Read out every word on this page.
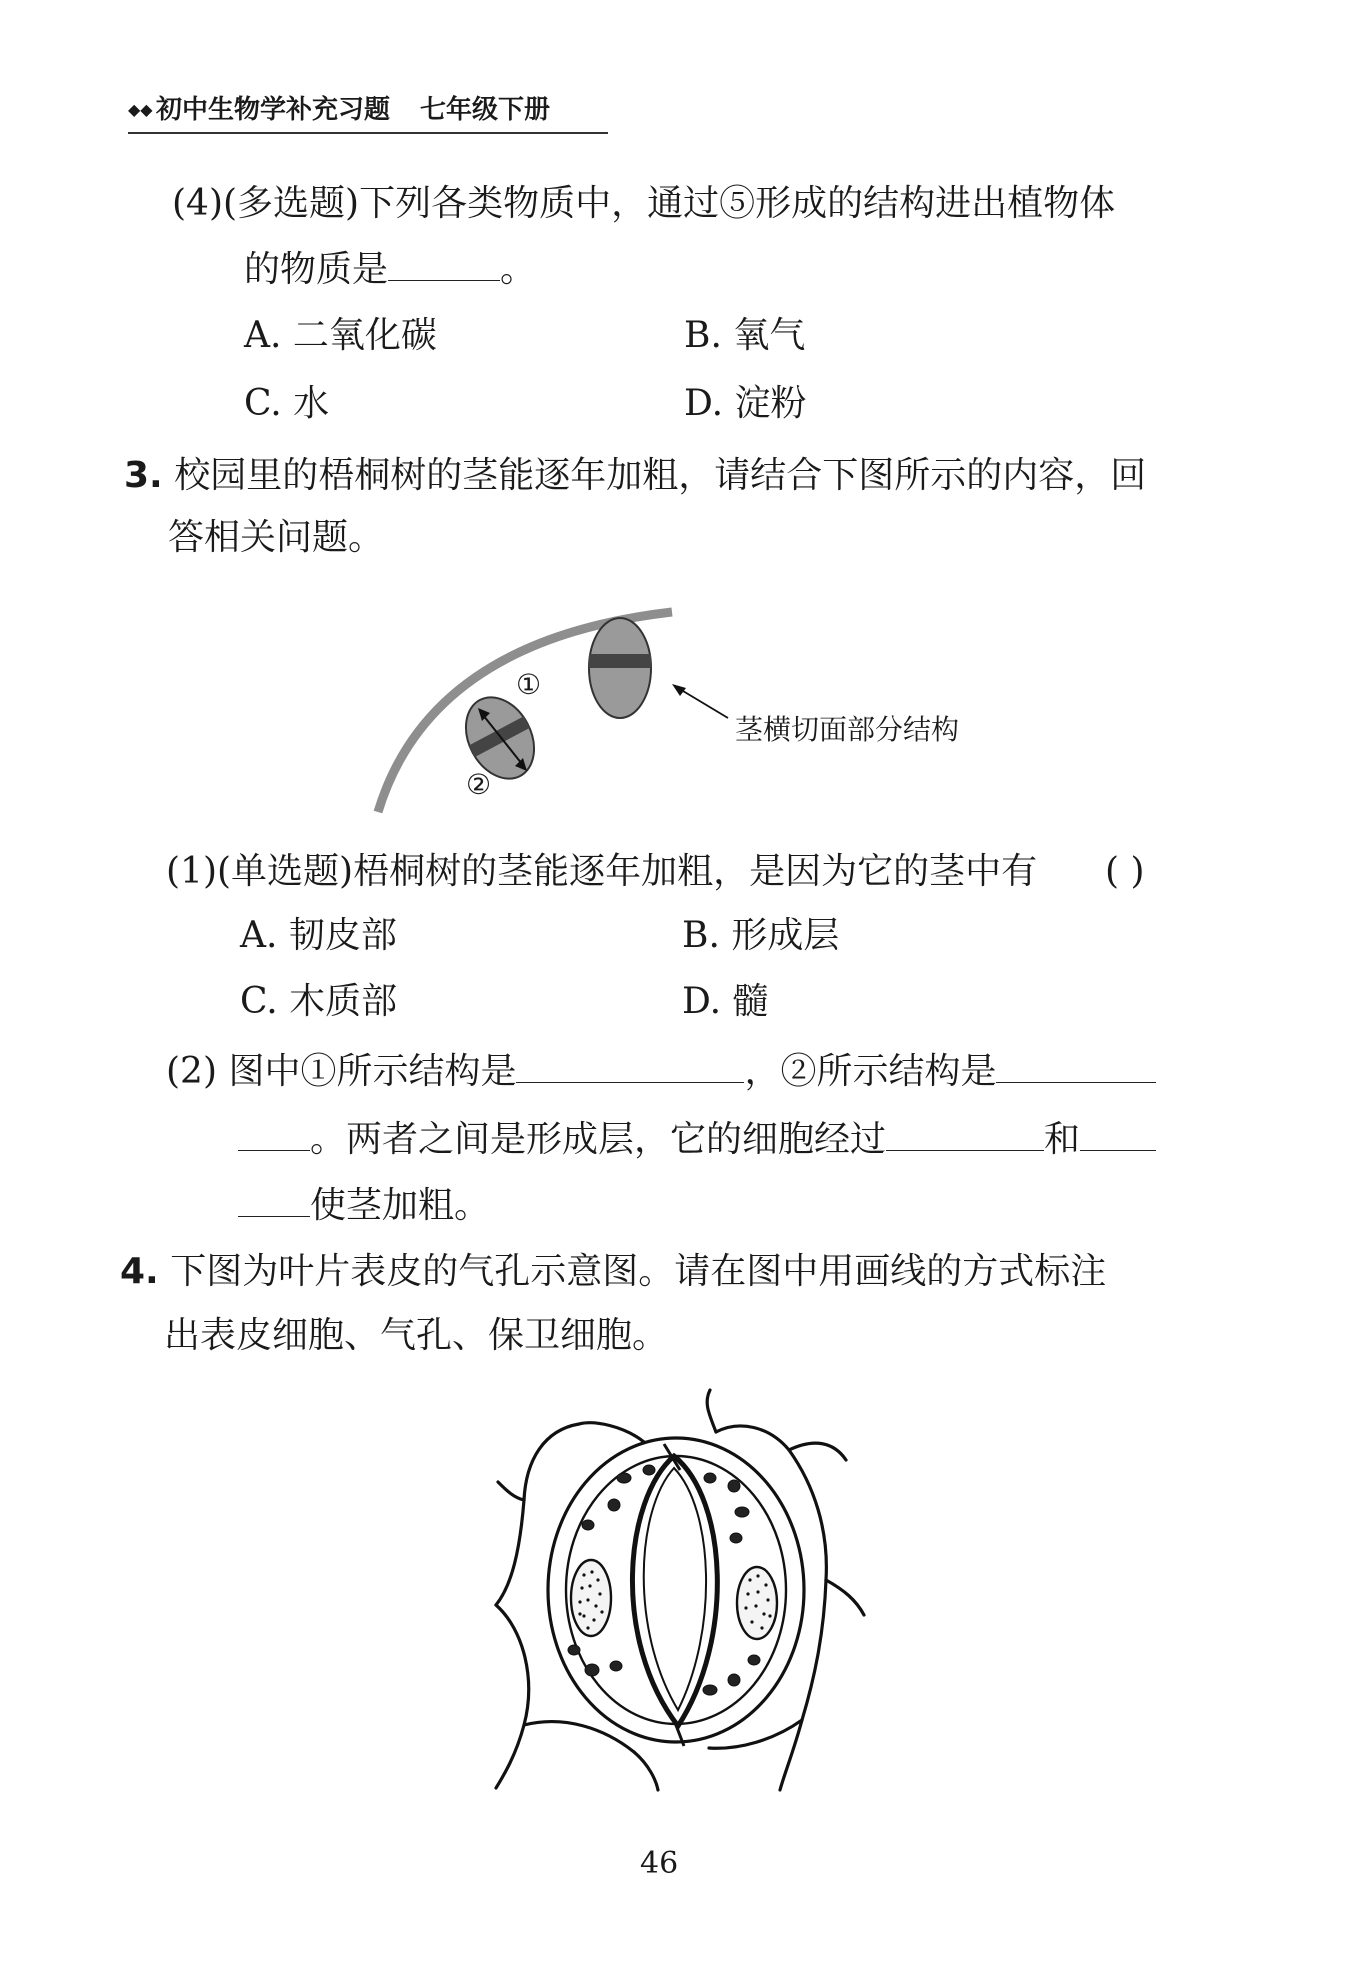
◆◆ 初中生物学补充习题 七年级下册
(4)(多选题)下列各类物质中，通过⑤形成的结构进出植物体
的物质是	。
A. 二氧化碳	B. 氧气
C. 水	D. 淀粉
3. 校园里的梧桐树的茎能逐年加粗，请结合下图所示的内容，回
答相关问题。
①
②
茎横切面部分结构
(1)(单选题)梧桐树的茎能逐年加粗，是因为它的茎中有 ( )
A. 韧皮部	B. 形成层
C. 木质部	D. 髓
(2) 图中①所示结构是	，②所示结构是
。两者之间是形成层，它的细胞经过	和
使茎加粗。
4. 下图为叶片表皮的气孔示意图。请在图中用画线的方式标注
出表皮细胞、气孔、保卫细胞。
46
